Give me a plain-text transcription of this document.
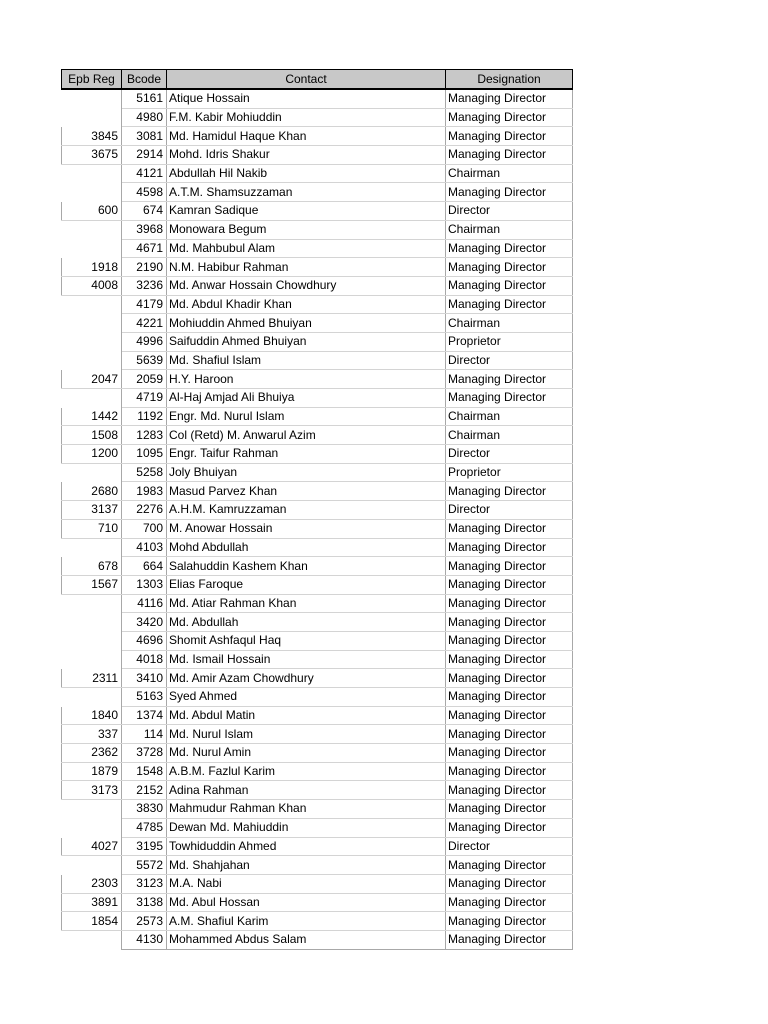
Epb Reg	Bcode	Contact	Designation
	5161	Atique Hossain	Managing Director
	4980	F.M. Kabir Mohiuddin	Managing Director
3845	3081	Md. Hamidul Haque Khan	Managing Director
3675	2914	Mohd. Idris Shakur	Managing Director
	4121	Abdullah Hil Nakib	Chairman
	4598	A.T.M. Shamsuzzaman	Managing Director
600	674	Kamran Sadique	Director
	3968	Monowara Begum	Chairman
	4671	Md. Mahbubul Alam	Managing Director
1918	2190	N.M. Habibur Rahman	Managing Director
4008	3236	Md. Anwar Hossain Chowdhury	Managing Director
	4179	Md. Abdul Khadir Khan	Managing Director
	4221	Mohiuddin Ahmed Bhuiyan	Chairman
	4996	Saifuddin Ahmed Bhuiyan	Proprietor
	5639	Md. Shafiul Islam	Director
2047	2059	H.Y. Haroon	Managing Director
	4719	Al-Haj Amjad Ali Bhuiya	Managing Director
1442	1192	Engr. Md. Nurul Islam	Chairman
1508	1283	Col (Retd) M. Anwarul Azim	Chairman
1200	1095	Engr. Taifur Rahman	Director
	5258	Joly Bhuiyan	Proprietor
2680	1983	Masud Parvez Khan	Managing Director
3137	2276	A.H.M. Kamruzzaman	Director
710	700	M. Anowar Hossain	Managing Director
	4103	Mohd Abdullah	Managing Director
678	664	Salahuddin Kashem Khan	Managing Director
1567	1303	Elias Faroque	Managing Director
	4116	Md. Atiar Rahman Khan	Managing Director
	3420	Md. Abdullah	Managing Director
	4696	Shomit Ashfaqul Haq	Managing Director
	4018	Md. Ismail Hossain	Managing Director
2311	3410	Md. Amir Azam Chowdhury	Managing Director
	5163	Syed Ahmed	Managing Director
1840	1374	Md. Abdul Matin	Managing Director
337	114	Md. Nurul Islam	Managing Director
2362	3728	Md. Nurul Amin	Managing Director
1879	1548	A.B.M. Fazlul Karim	Managing Director
3173	2152	Adina Rahman	Managing Director
	3830	Mahmudur Rahman Khan	Managing Director
	4785	Dewan Md. Mahiuddin	Managing Director
4027	3195	Towhiduddin Ahmed	Director
	5572	Md. Shahjahan	Managing Director
2303	3123	M.A. Nabi	Managing Director
3891	3138	Md. Abul Hossan	Managing Director
1854	2573	A.M. Shafiul Karim	Managing Director
	4130	Mohammed Abdus Salam	Managing Director
